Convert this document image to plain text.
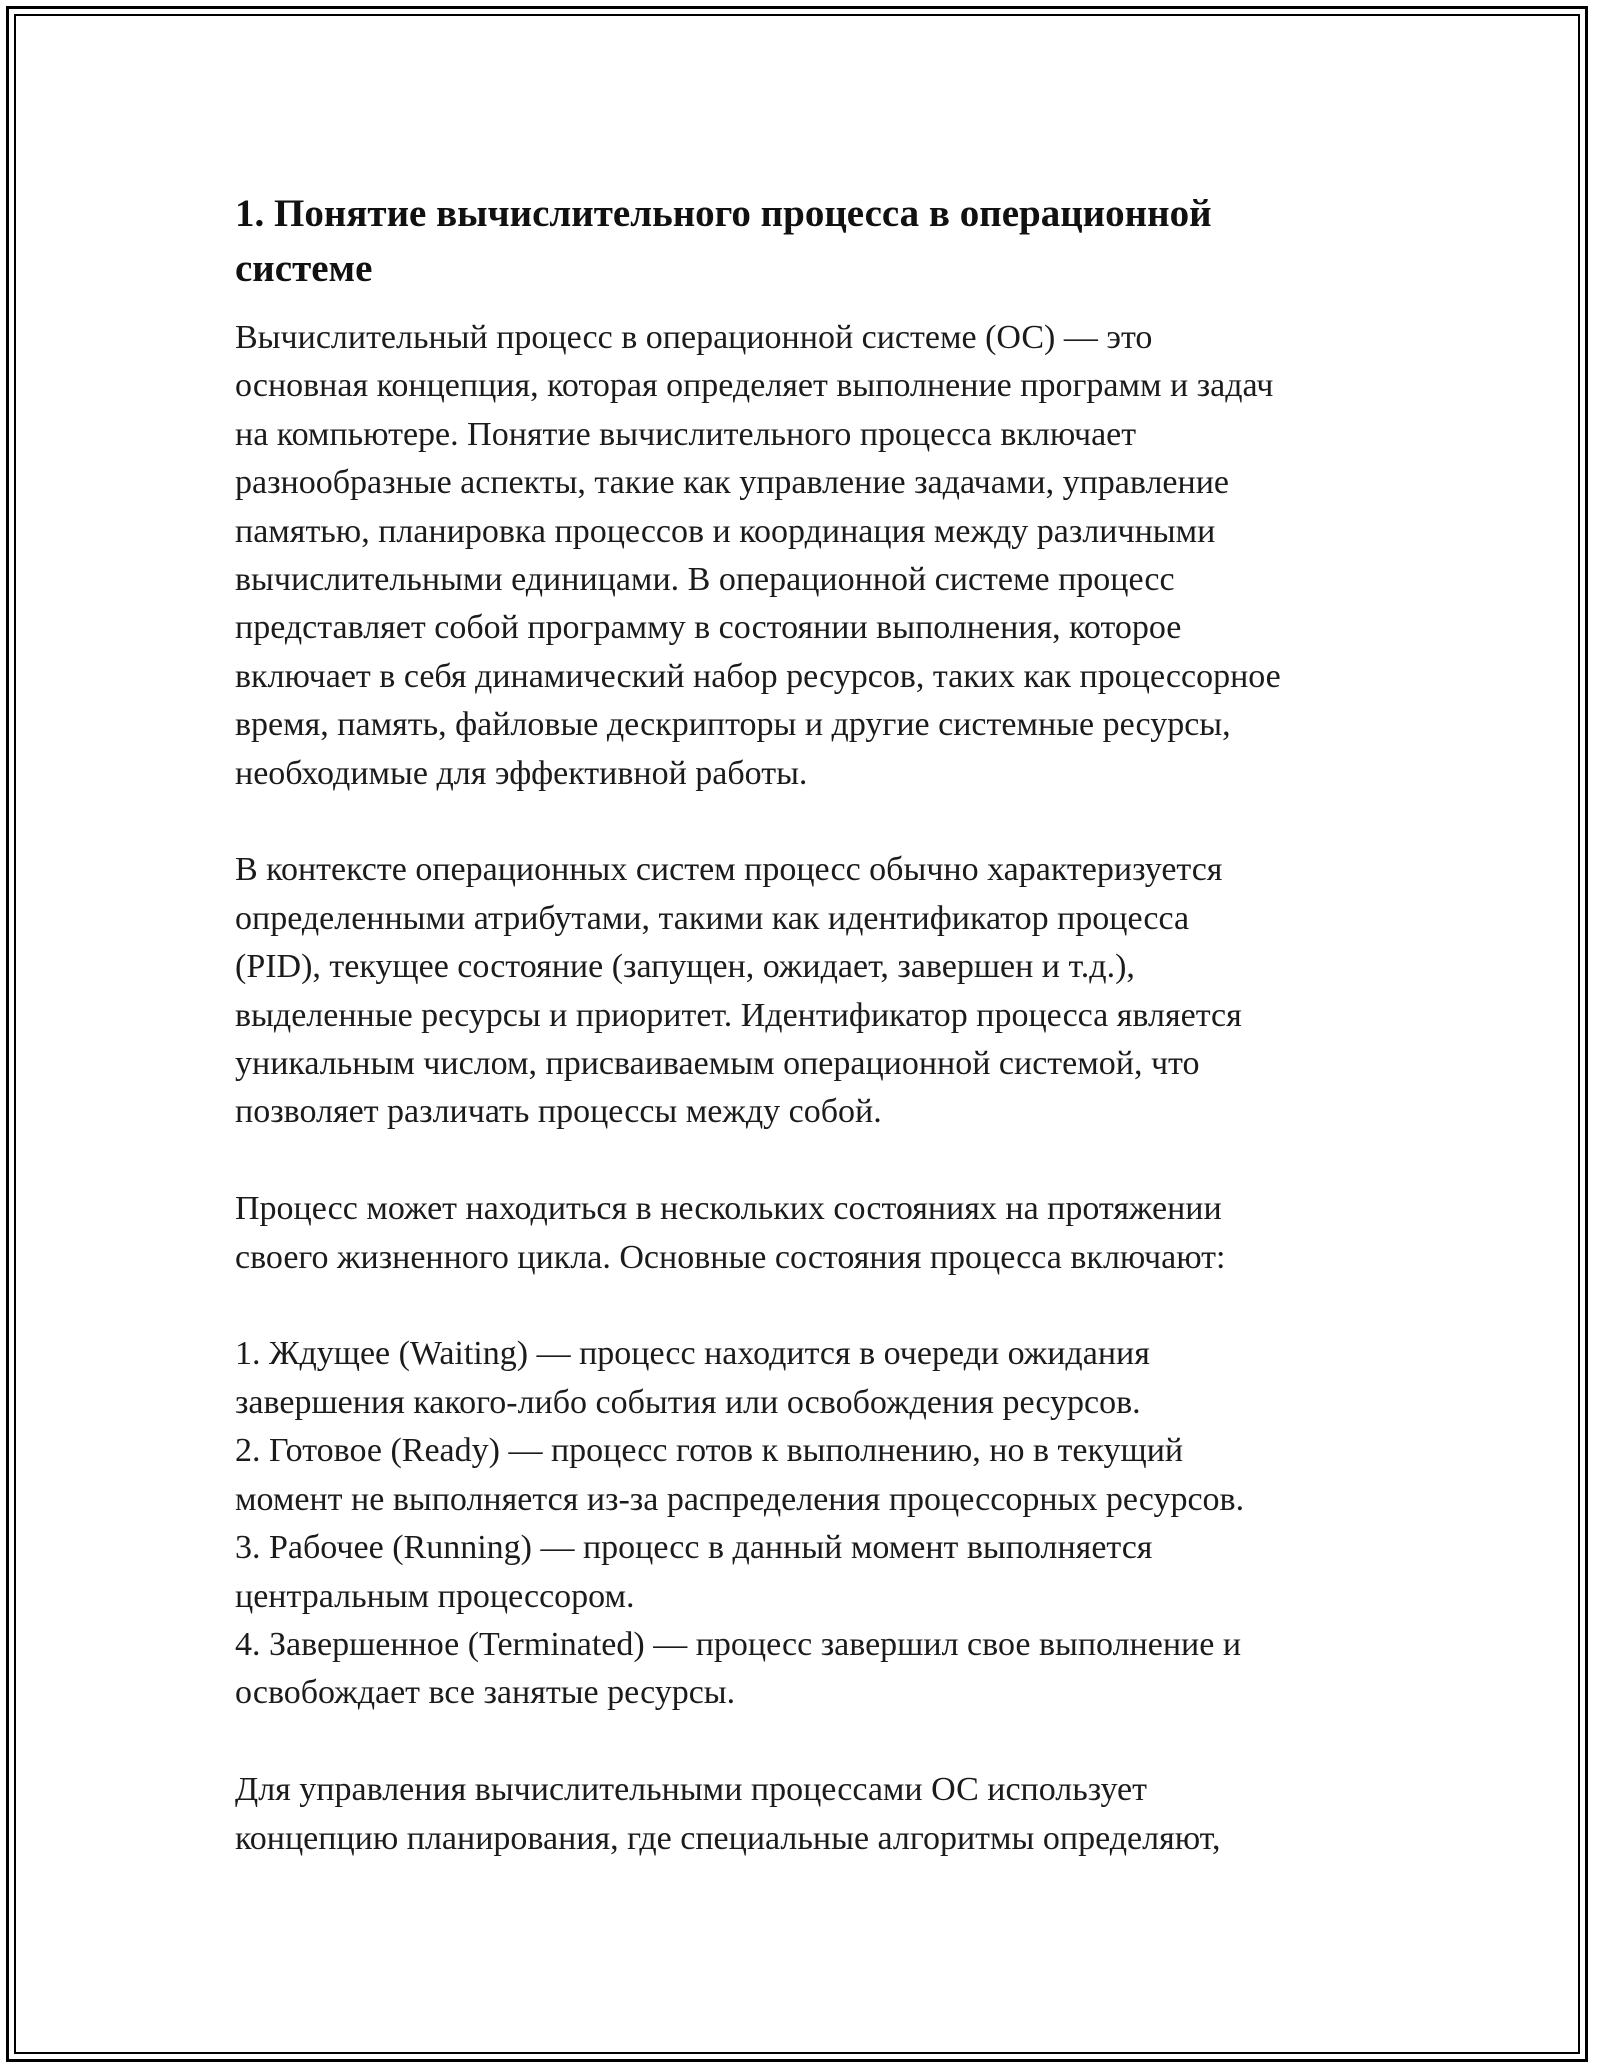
1. Понятие вычислительного процесса в операционной
системе

Вычислительный процесс в операционной системе (ОС) — это
основная концепция, которая определяет выполнение программ и задач
на компьютере. Понятие вычислительного процесса включает
разнообразные аспекты, такие как управление задачами, управление
памятью, планировка процессов и координация между различными
вычислительными единицами. В операционной системе процесс
представляет собой программу в состоянии выполнения, которое
включает в себя динамический набор ресурсов, таких как процессорное
время, память, файловые дескрипторы и другие системные ресурсы,
необходимые для эффективной работы.

В контексте операционных систем процесс обычно характеризуется
определенными атрибутами, такими как идентификатор процесса
(PID), текущее состояние (запущен, ожидает, завершен и т.д.),
выделенные ресурсы и приоритет. Идентификатор процесса является
уникальным числом, присваиваемым операционной системой, что
позволяет различать процессы между собой.

Процесс может находиться в нескольких состояниях на протяжении
своего жизненного цикла. Основные состояния процесса включают:

1. Ждущее (Waiting) — процесс находится в очереди ожидания
завершения какого-либо события или освобождения ресурсов.
2. Готовое (Ready) — процесс готов к выполнению, но в текущий
момент не выполняется из-за распределения процессорных ресурсов.
3. Рабочее (Running) — процесс в данный момент выполняется
центральным процессором.
4. Завершенное (Terminated) — процесс завершил свое выполнение и
освобождает все занятые ресурсы.

Для управления вычислительными процессами ОС использует
концепцию планирования, где специальные алгоритмы определяют,
